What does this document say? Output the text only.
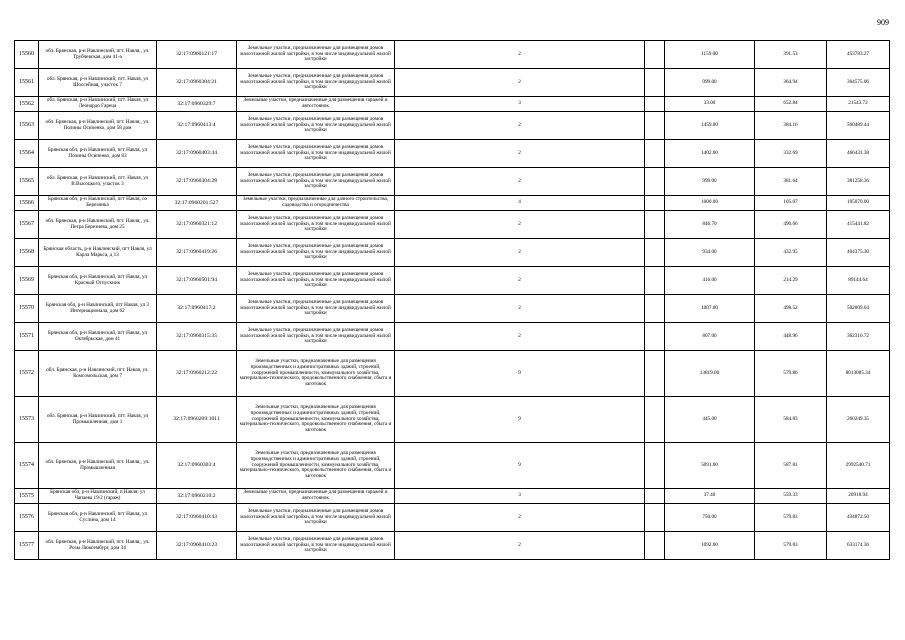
909
15560	обл. Брянская, р-н Навлинский, пгт. Навля,, ул. Трубчевская, дом 41-а	32:17:0960121:17	Земельные участки, предназначенные для размещения домов малоэтажной жилой застройки, в том числе индивидуальной жилой застройки	2		1159.00	391.53	453783.27
15561	обл. Брянская, р-н Навлинский, пгт. Навля, ул Шоссейная, участок 7	32:17:0960304:21	Земельные участки, предназначенные для размещения домов малоэтажной жилой застройки, в том числе индивидуальной жилой застройки	2		999.00	364.94	364575.06
15562	обл. Брянская, р-н Навлинский, пгт. Навля, ул Леонардо Гареца	32:17:0960329:7	Земельные участки, предназначенные для размещения гаражей и автостоянок	3		33.00	652.84	21543.72
15563	обл. Брянская, р-н Навлинский, пгт. Навля,, ул. Полины Осипенко, дом 58 дом	32:17:0960413:4	Земельные участки, предназначенные для размещения домов малоэтажной жилой застройки, в том числе индивидуальной жилой застройки	2		1459.00	384.16	560489.44
15564	Брянская обл, р-н Навлинский, пгт Навля, ул Полины Осипенко, дом 83	32:17:0960403:44	Земельные участки, предназначенные для размещения домов малоэтажной жилой застройки, в том числе индивидуальной жилой застройки	2		1402.00	332.69	466431.38
15565	обл. Брянская, р-н Навлинский, пгт. Навля, ул В.Высоцкого, участок 3	32:17:0960304:28	Земельные участки, предназначенные для размещения домов малоэтажной жилой застройки, в том числе индивидуальной жилой застройки	2		999.00	381.64	381258.36
15566	Брянская обл, р-н Навлинский, пгт Навля, сo Березинка	32:17:0960201:527	Земельные участки, предназначенные для дачного строительства, садоводства и огородничества	4		1000.00	105.07	105070.00
15567	обл. Брянская, р-н Навлинский, пгт. Навля,, ул. Петра Березнева, дом 25	32:17:0960321:12	Земельные участки, предназначенные для размещения домов малоэтажной жилой застройки, в том числе индивидуальной жилой застройки	2		846.70	490.66	415441.82
15568	Брянская область, р-н Навлинский, пгт Навля, ул Карла Маркса, д 13	32:17:0960419:26	Земельные участки, предназначенные для размещения домов малоэтажной жилой застройки, в том числе индивидуальной жилой застройки	2		934.00	432.95	404375.30
15569	Брянская обл, р-н Навлинский, пгт Навля, ул Красный Отпускник	32:17:0960501:94	Земельные участки, предназначенные для размещения домов малоэтажной жилой застройки, в том числе индивидуальной жилой застройки	2		416.00	214.29	89144.64
15570	Брянская обл, р-н Навлинский, пгт Навля, ул 3 Интернационала, дом 62	32:17:0960417:2	Земельные участки, предназначенные для размещения домов малоэтажной жилой застройки, в том числе индивидуальной жилой застройки	2		1007.00	498.52	502009.64
15571	Брянская обл, р-н Навлинский, пгт Навля, ул Октябрьская, дом 41	32:17:0960315:35	Земельные участки, предназначенные для размещения домов малоэтажной жилой застройки, в том числе индивидуальной жилой застройки	2		807.00	448.96	362310.72
15572	обл. Брянская, р-н Навлинский, пгт. Навля, ул. Комсомольская, дом 7	32:17:0960212:22	Земельные участки, предназначенные для размещения производственных и административных зданий, строений, сооружений промышленности, коммунального хозяйства, материально-технического, продовольственного снабжения, сбыта и заготовок	9		13819.00	579.86	8013085.34
15573	обл. Брянская, р-н Навлинский, пгт. Навля, ул Промышленная, дом 1	32:17:0960209:1011	Земельные участки, предназначенные для размещения производственных и административных зданий, строений, сооружений промышленности, коммунального хозяйства, материально-технического, продовольственного снабжения, сбыта и заготовок	9		445.00	584.83	260249.35
15574	обл. Брянская, р-н Навлинский, пгт. Навля,, ул. Промышленная	32:17:0960303:4	Земельные участки, предназначенные для размещения производственных и административных зданий, строений, сооружений промышленности, коммунального хозяйства, материально-технического, продовольственного снабжения, сбыта и заготовок	9		5091.00	587.81	2992540.71
15575	Брянская обл, р-н Навлинский, п Навля, ул Чапаева 19/2 (гараж)	32:17:0960210:2	Земельные участки, предназначенные для размещения гаражей и автостоянок	3		37.40	559.33	20918.94
15576	Брянская обл, р-н Навлинский, пгт Навля, ул Суслина, дом 14	32:17:0960410:43	Земельные участки, предназначенные для размещения домов малоэтажной жилой застройки, в том числе индивидуальной жилой застройки	2		750.00	579.83	434872.50
15577	обл. Брянская, р-н Навлинский, пгт. Навля,, ул. Розы Люксембург, дом 34	32:17:0960410:23	Земельные участки, предназначенные для размещения домов малоэтажной жилой застройки, в том числе индивидуальной жилой застройки	2		1092.00	579.83	633174.36
